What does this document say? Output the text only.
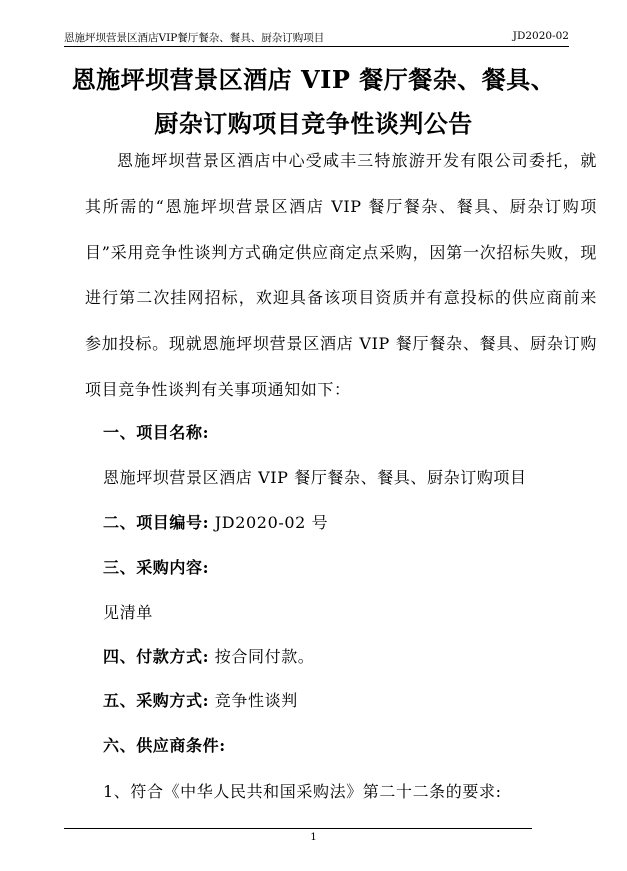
恩施坪坝营景区酒店VIP餐厅餐杂、餐具、厨杂订购项目	JD2020-02
恩施坪坝营景区酒店 VIP 餐厅餐杂、餐具、
厨杂订购项目竞争性谈判公告

恩施坪坝营景区酒店中心受咸丰三特旅游开发有限公司委托，就其所需的“恩施坪坝营景区酒店 VIP 餐厅餐杂、餐具、厨杂订购项目”采用竞争性谈判方式确定供应商定点采购，因第一次招标失败，现进行第二次挂网招标，欢迎具备该项目资质并有意投标的供应商前来参加投标。现就恩施坪坝营景区酒店 VIP 餐厅餐杂、餐具、厨杂订购项目竞争性谈判有关事项通知如下：

一、项目名称:
恩施坪坝营景区酒店 VIP 餐厅餐杂、餐具、厨杂订购项目
二、项目编号: JD2020-02 号
三、采购内容:
见清单
四、付款方式: 按合同付款。
五、采购方式: 竞争性谈判
六、供应商条件:
1、符合《中华人民共和国采购法》第二十二条的要求:
1
